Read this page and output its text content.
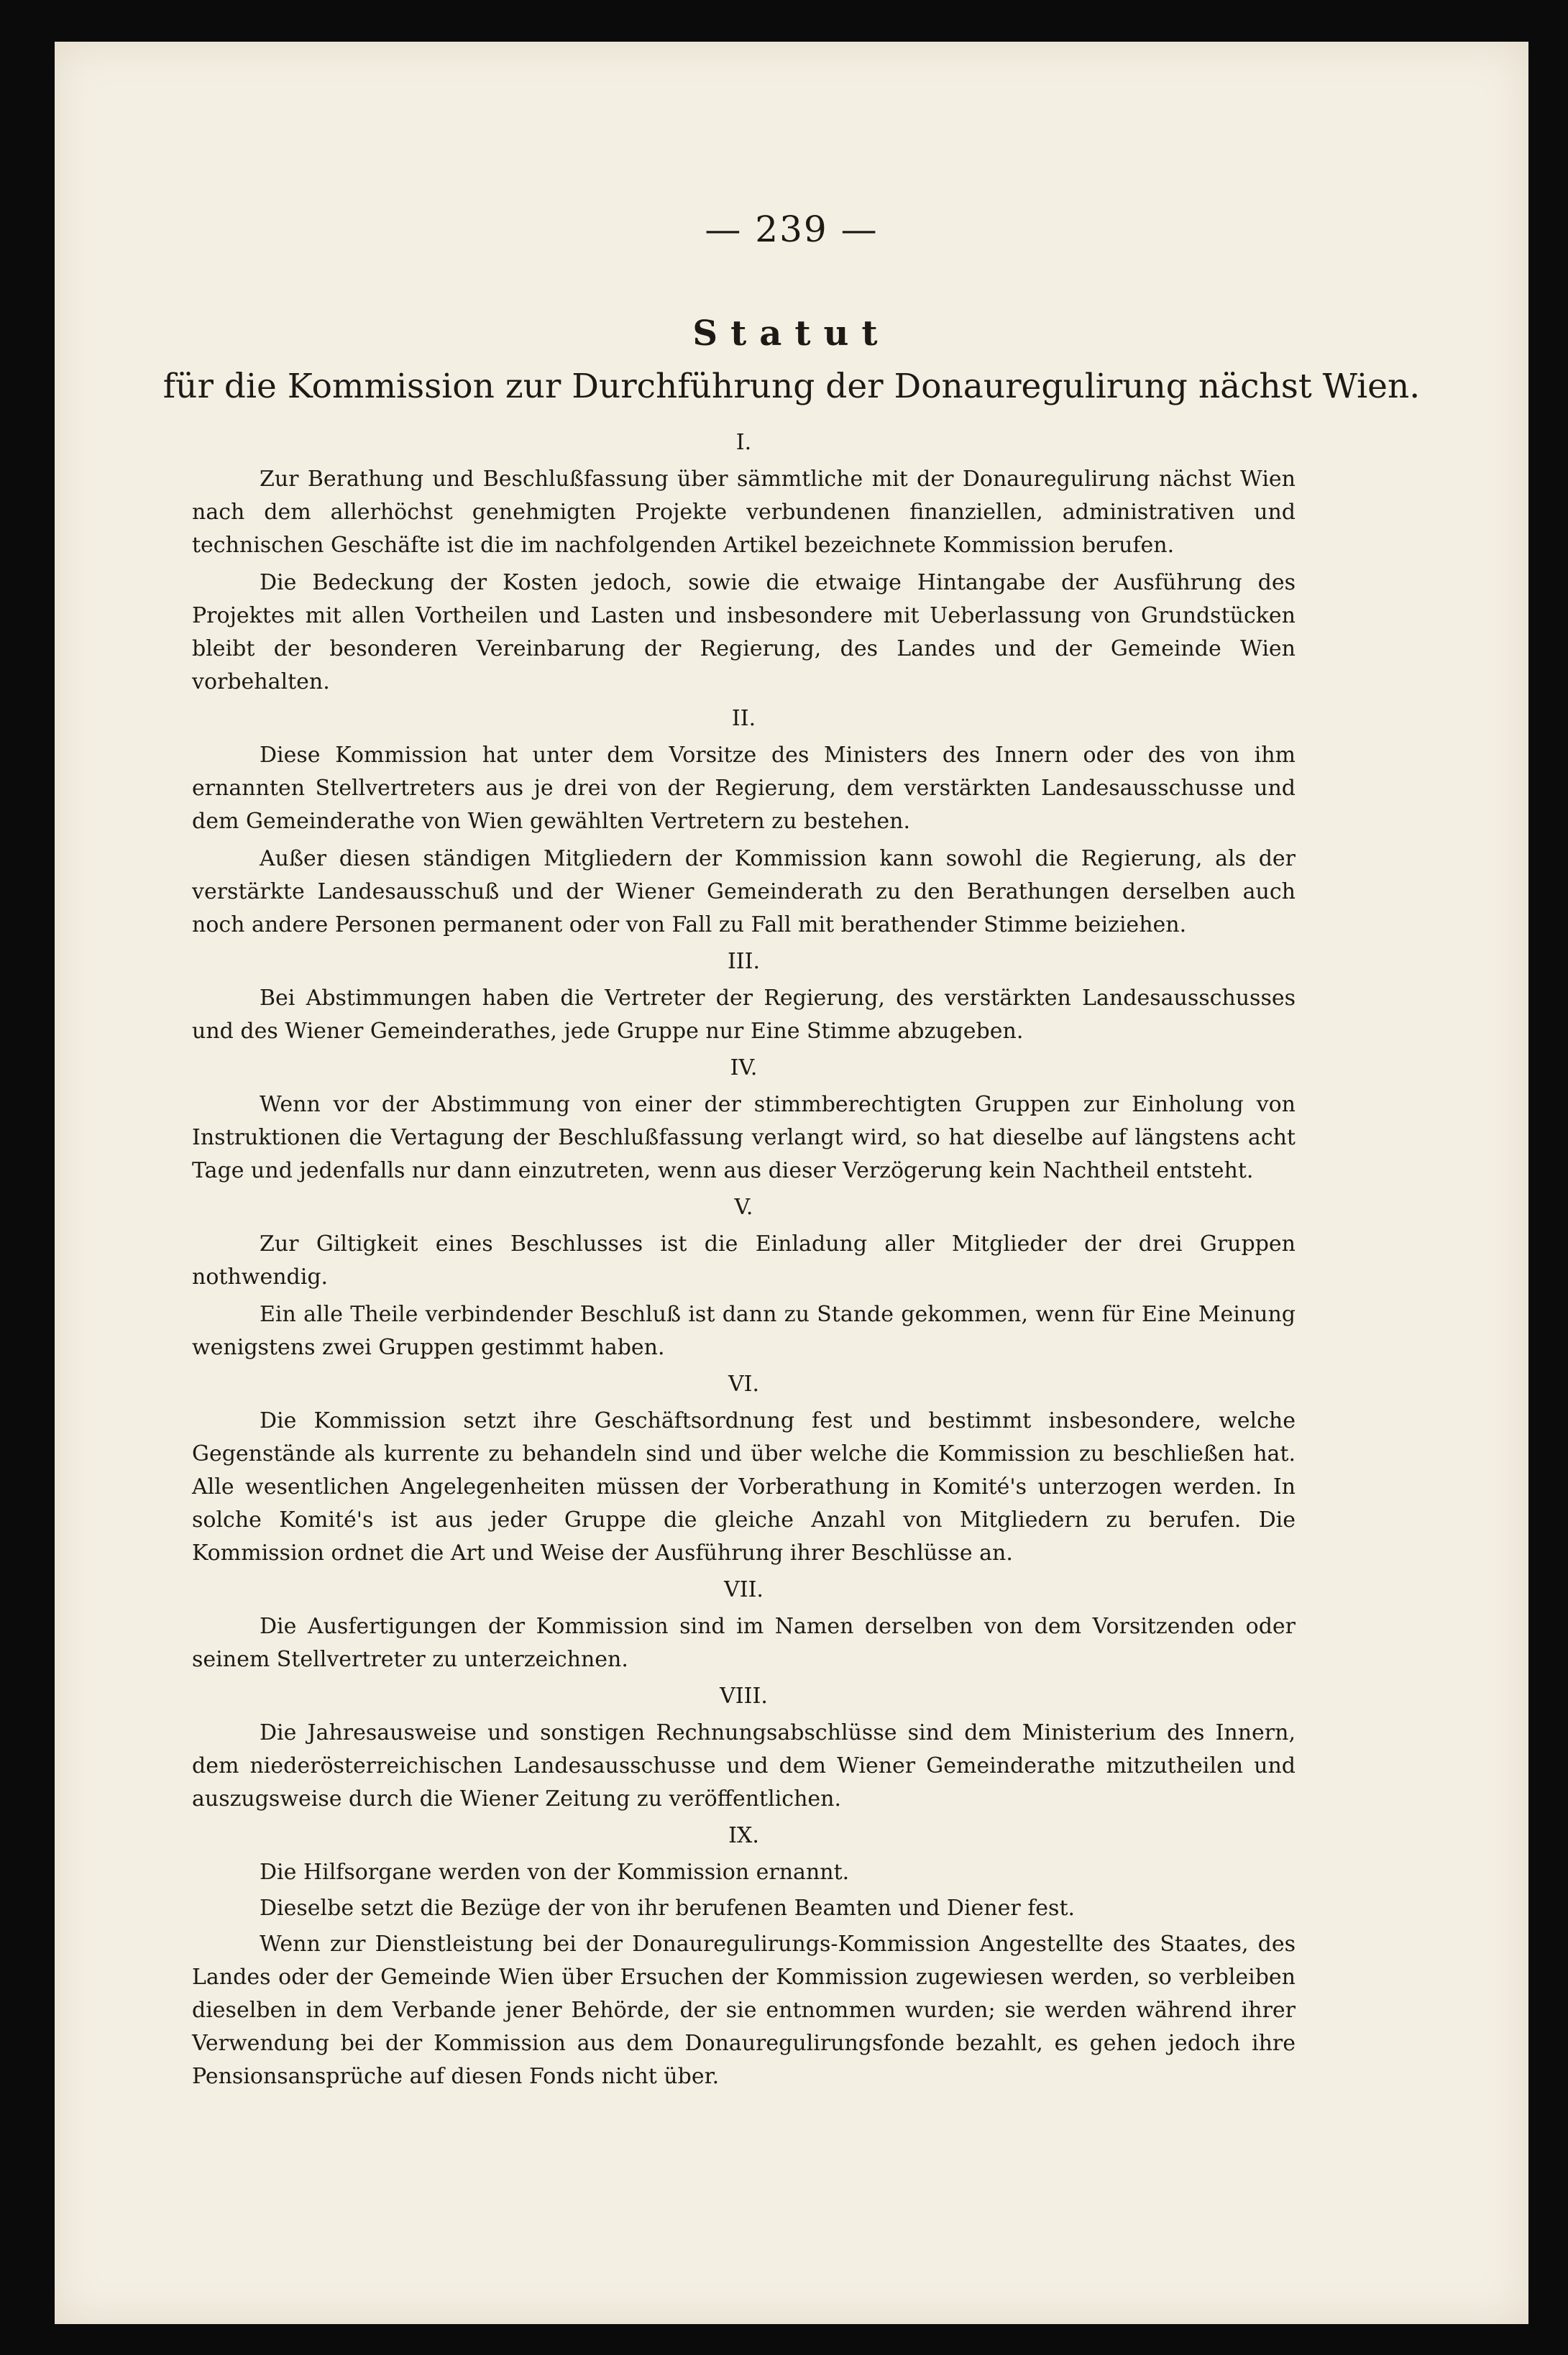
— 239 —
Statut
für die Kommission zur Durchführung der Donauregulirung nächst Wien.
I.

Zur Berathung und Beschlußfassung über sämmtliche mit der Donauregulirung nächst Wien nach dem allerhöchst genehmigten Projekte verbundenen finanziellen, administrativen und technischen Geschäfte ist die im nachfolgenden Artikel bezeichnete Kommission berufen.

Die Bedeckung der Kosten jedoch, sowie die etwaige Hintangabe der Ausführung des Projektes mit allen Vortheilen und Lasten und insbesondere mit Ueberlassung von Grundstücken bleibt der besonderen Vereinbarung der Regierung, des Landes und der Gemeinde Wien vorbehalten.

II.

Diese Kommission hat unter dem Vorsitze des Ministers des Innern oder des von ihm ernannten Stellvertreters aus je drei von der Regierung, dem verstärkten Landesausschusse und dem Gemeinderathe von Wien gewählten Vertretern zu bestehen.

Außer diesen ständigen Mitgliedern der Kommission kann sowohl die Regierung, als der verstärkte Landesausschuß und der Wiener Gemeinderath zu den Berathungen derselben auch noch andere Personen permanent oder von Fall zu Fall mit berathender Stimme beiziehen.

III.

Bei Abstimmungen haben die Vertreter der Regierung, des verstärkten Landesausschusses und des Wiener Gemeinderathes, jede Gruppe nur Eine Stimme abzugeben.

IV.

Wenn vor der Abstimmung von einer der stimmberechtigten Gruppen zur Einholung von Instruktionen die Vertagung der Beschlußfassung verlangt wird, so hat dieselbe auf längstens acht Tage und jedenfalls nur dann einzutreten, wenn aus dieser Verzögerung kein Nachtheil entsteht.

V.

Zur Giltigkeit eines Beschlusses ist die Einladung aller Mitglieder der drei Gruppen nothwendig.

Ein alle Theile verbindender Beschluß ist dann zu Stande gekommen, wenn für Eine Meinung wenigstens zwei Gruppen gestimmt haben.

VI.

Die Kommission setzt ihre Geschäftsordnung fest und bestimmt insbesondere, welche Gegenstände als kurrente zu behandeln sind und über welche die Kommission zu beschließen hat. Alle wesentlichen Angelegenheiten müssen der Vorberathung in Komité's unterzogen werden. In solche Komité's ist aus jeder Gruppe die gleiche Anzahl von Mitgliedern zu berufen. Die Kommission ordnet die Art und Weise der Ausführung ihrer Beschlüsse an.

VII.

Die Ausfertigungen der Kommission sind im Namen derselben von dem Vorsitzenden oder seinem Stellvertreter zu unterzeichnen.

VIII.

Die Jahresausweise und sonstigen Rechnungsabschlüsse sind dem Ministerium des Innern, dem niederösterreichischen Landesausschusse und dem Wiener Gemeinderathe mitzutheilen und auszugsweise durch die Wiener Zeitung zu veröffentlichen.

IX.

Die Hilfsorgane werden von der Kommission ernannt.

Dieselbe setzt die Bezüge der von ihr berufenen Beamten und Diener fest.

Wenn zur Dienstleistung bei der Donauregulirungs-Kommission Angestellte des Staates, des Landes oder der Gemeinde Wien über Ersuchen der Kommission zugewiesen werden, so verbleiben dieselben in dem Verbande jener Behörde, der sie entnommen wurden; sie werden während ihrer Verwendung bei der Kommission aus dem Donauregulirungsfonde bezahlt, es gehen jedoch ihre Pensionsansprüche auf diesen Fonds nicht über.
